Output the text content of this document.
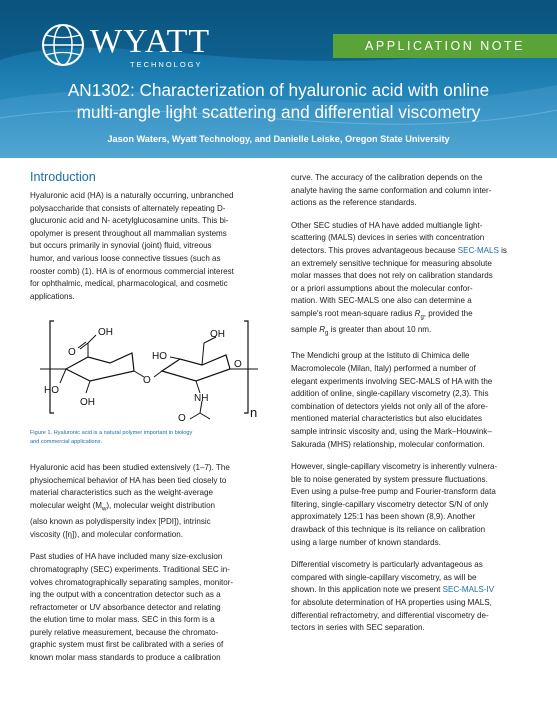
WYATT
TECHNOLOGY
APPLICATION NOTE
AN1302: Characterization of hyaluronic acid with online
multi-angle light scattering and differential viscometry
Jason Waters, Wyatt Technology, and Danielle Leiske, Oregon State University
Introduction

Hyaluronic acid (HA) is a naturally occurring, unbranched
polysaccharide that consists of alternately repeating D-
glucuronic acid and N- acetylglucosamine units. This bi-
opolymer is present throughout all mammalian systems
but occurs primarily in synovial (joint) fluid, vitreous
humor, and various loose connective tissues (such as
rooster comb) (1). HA is of enormous commercial interest
for ophthalmic, medical, pharmacological, and cosmetic
applications.

OH
O
HO
OH
O
HO
OH
O
NH
O	n

Figure 1. Hyaluronic acid is a natural polymer important in biology
and commercial applications.

Hyaluronic acid has been studied extensively (1–7). The
physiochemical behavior of HA has been tied closely to
material characteristics such as the weight-average
molecular weight $(M_w)$, molecular weight distribution
(also known as polydispersity index [PDI]), intrinsic
viscosity ([η]), and molecular conformation.

Past studies of HA have included many size-exclusion
chromatography (SEC) experiments. Traditional SEC in-
volves chromatographically separating samples, monitor-
ing the output with a concentration detector such as a
refractometer or UV absorbance detector and relating
the elution time to molar mass. SEC in this form is a
purely relative measurement, because the chromato-
graphic system must first be calibrated with a series of
known molar mass standards to produce a calibration

curve. The accuracy of the calibration depends on the
analyte having the same conformation and column inter-
actions as the reference standards.

Other SEC studies of HA have added multiangle light-
scattering (MALS) devices in series with concentration
detectors. This proves advantageous because SEC-MALS is
an extremely sensitive technique for measuring absolute
molar masses that does not rely on calibration standards
or a priori assumptions about the molecular confor-
mation. With SEC-MALS one also can determine a
sample's root mean-square radius $R_g$, provided the
sample $R_g$ is greater than about 10 nm.

The Mendichi group at the Istituto di Chimica delle
Macromolecole (Milan, Italy) performed a number of
elegant experiments involving SEC-MALS of HA with the
addition of online, single-capillary viscometry (2,3). This
combination of detectors yields not only all of the afore-
mentioned material characteristics but also elucidates
sample intrinsic viscosity and, using the Mark–Houwink–
Sakurada (MHS) relationship, molecular conformation.

However, single-capillary viscometry is inherently vulnera-
ble to noise generated by system pressure fluctuations.
Even using a pulse-free pump and Fourier-transform data
filtering, single-capillary viscometry detector S/N of only
approximately 125:1 has been shown (8,9). Another
drawback of this technique is its reliance on calibration
using a large number of known standards.

Differential viscometry is particularly advantageous as
compared with single-capillary viscometry, as will be
shown. In this application note we present SEC-MALS-IV
for absolute determination of HA properties using MALS,
differential refractometry, and differential viscometry de-
tectors in series with SEC separation.
